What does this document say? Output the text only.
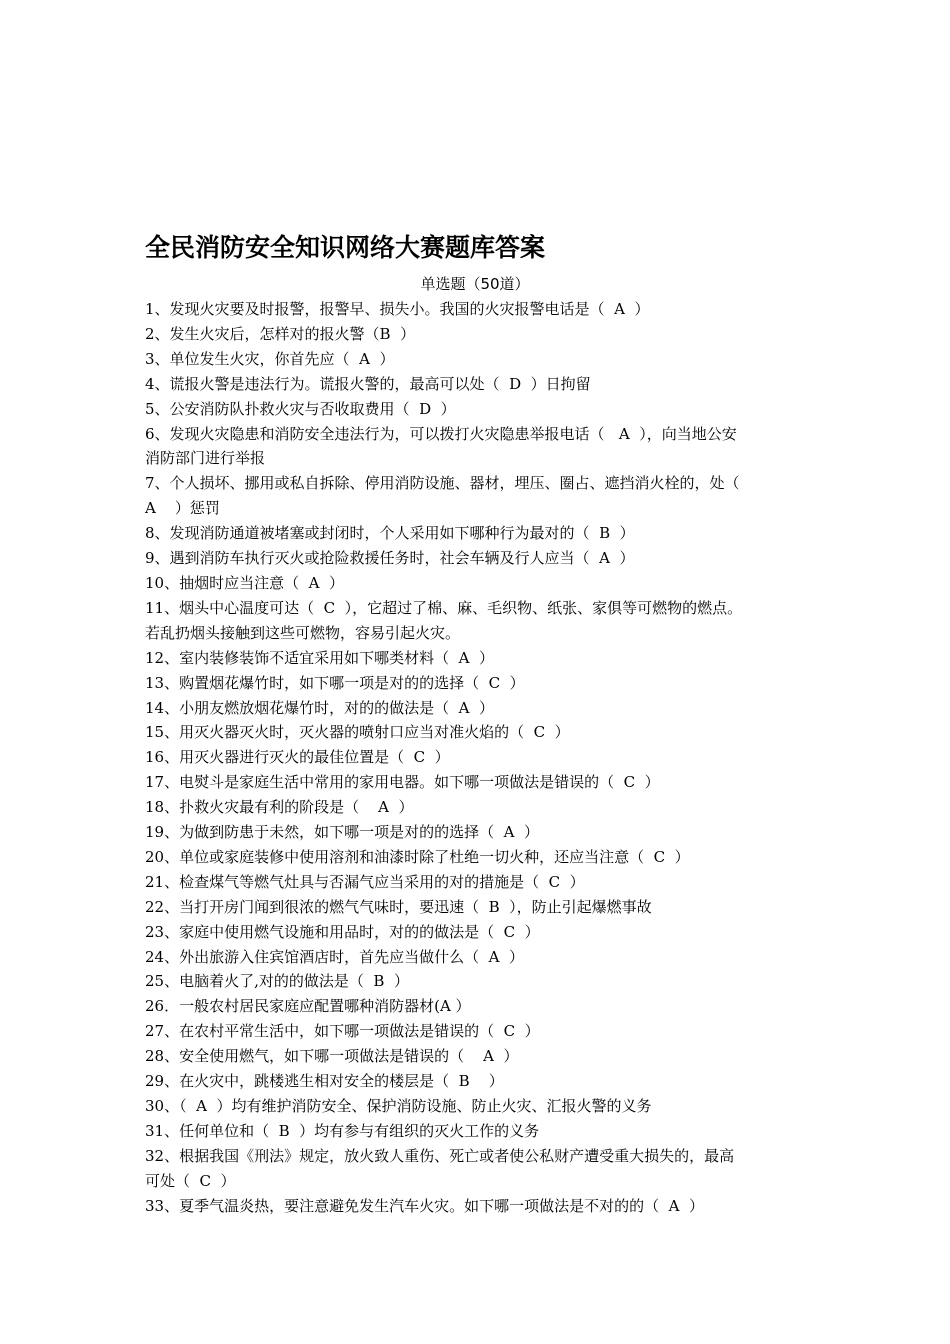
全民消防安全知识网络大赛题库答案
单选题（50道）
1、发现火灾要及时报警，报警早、损失小。我国的火灾报警电话是（  A  ）
2、发生火灾后，怎样对的报火警（B  ）
3、单位发生火灾，你首先应（  A  ）
4、谎报火警是违法行为。谎报火警的，最高可以处（  D  ）日拘留
5、公安消防队扑救火灾与否收取费用（  D  ）
6、发现火灾隐患和消防安全违法行为，可以拨打火灾隐患举报电话（   A  ），向当地公安
消防部门进行举报
7、个人损坏、挪用或私自拆除、停用消防设施、器材，埋压、圈占、遮挡消火栓的，处（
A    ）惩罚
8、发现消防通道被堵塞或封闭时，个人采用如下哪种行为最对的（  B  ）
9、遇到消防车执行灭火或抢险救援任务时，社会车辆及行人应当（  A  ）
10、抽烟时应当注意（  A  ）
11、烟头中心温度可达（  C  ），它超过了棉、麻、毛织物、纸张、家俱等可燃物的燃点。
若乱扔烟头接触到这些可燃物，容易引起火灾。
12、室内装修装饰不适宜采用如下哪类材料（  A  ）
13、购置烟花爆竹时，如下哪一项是对的的选择（  C  ）
14、小朋友燃放烟花爆竹时，对的的做法是（  A  ）
15、用灭火器灭火时，灭火器的喷射口应当对准火焰的（  C  ）
16、用灭火器进行灭火的最佳位置是（  C  ）
17、电熨斗是家庭生活中常用的家用电器。如下哪一项做法是错误的（  C  ）
18、扑救火灾最有利的阶段是（    A  ）
19、为做到防患于未然，如下哪一项是对的的选择（  A  ）
20、单位或家庭装修中使用溶剂和油漆时除了杜绝一切火种，还应当注意（  C  ）
21、检查煤气等燃气灶具与否漏气应当采用的对的措施是（  C  ）
22、当打开房门闻到很浓的燃气气味时，要迅速（  B  ），防止引起爆燃事故
23、家庭中使用燃气设施和用品时，对的的做法是（  C  ）
24、外出旅游入住宾馆酒店时，首先应当做什么（  A  ）
25、电脑着火了,对的的做法是（  B  ）
26．一般农村居民家庭应配置哪种消防器材(A ）
27、在农村平常生活中，如下哪一项做法是错误的（  C  ）
28、安全使用燃气，如下哪一项做法是错误的（    A  ）
29、在火灾中，跳楼逃生相对安全的楼层是（  B    ）
30、（  A  ）均有维护消防安全、保护消防设施、防止火灾、汇报火警的义务
31、任何单位和（  B  ）均有参与有组织的灭火工作的义务
32、根据我国《刑法》规定，放火致人重伤、死亡或者使公私财产遭受重大损失的，最高
可处（  C  ）
33、夏季气温炎热，要注意避免发生汽车火灾。如下哪一项做法是不对的的（  A  ）
